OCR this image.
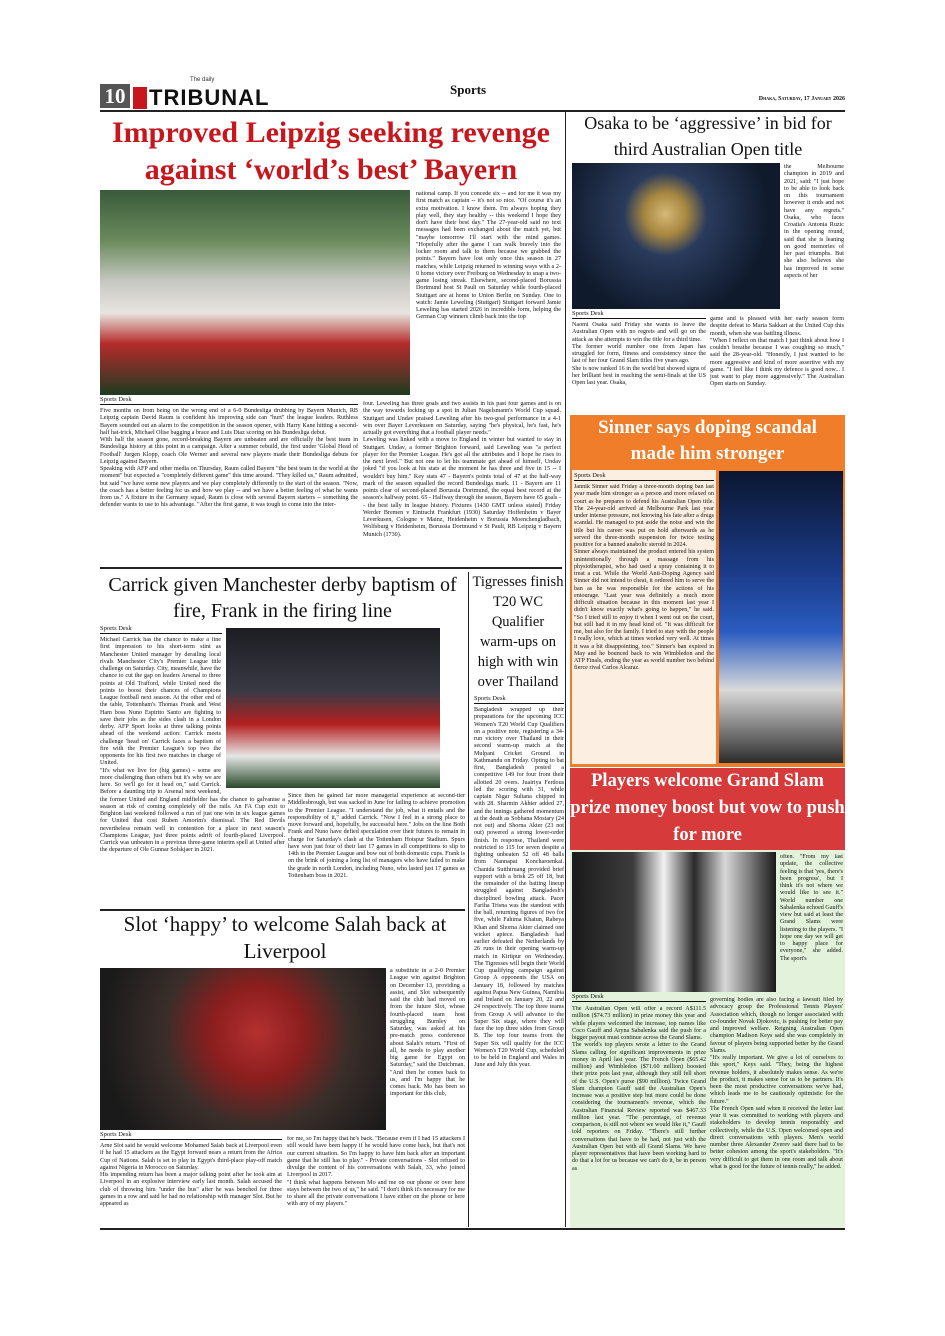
10
The daily
TRIBUNAL	Sports
Dhaka, Saturday, 17 January 2026
Improved Leipzig seeking revenge against ‘world’s best’ Bayern
national camp. If you concede six -- and for me it was my first match as captain -- it's not so nice. "Of course it's an extra motivation. I know them. I'm always hoping they play well, they stay healthy -- this weekend I hope they don't have their best day." The 27-year-old said no text messages had been exchanged about the match yet, but "maybe tomorrow I'll start with the mind games. "Hopefully after the game I can walk bravely into the locker room and talk to them because we grabbed the points." Bayern have lost only once this season in 27 matches, while Leipzig returned to winning ways with a 2-0 home victory over Freiburg on Wednesday to snap a two-game losing streak. Elsewhere, second-placed Borussia Dortmund host St Pauli on Saturday while fourth-placed Stuttgart are at home to Union Berlin on Sunday. One to watch: Jamie Leweling (Stuttgart) Stuttgart forward Jamie Leweling has started 2026 in incredible form, helping the German Cup winners climb back into the top
Sports Desk

Five months on from being on the wrong end of a 6-0 Bundesliga drubbing by Bayern Munich, RB Leipzig captain David Raum is confident his improving side can "hurt" the league leaders. Ruthless Bayern sounded out an alarm to the competition in the season opener, with Harry Kane hitting a second-half hat-trick, Michael Olise bagging a brace and Luis Diaz scoring on his Bundesliga debut.

With half the season gone, record-breaking Bayern are unbeaten and are officially the best team in Bundesliga history at this point in a campaign. After a summer rebuild, the first under 'Global Head of Football' Jurgen Klopp, coach Ole Werner and several new players made their Bundesliga debuts for Leipzig against Bayern.

Speaking with AFP and other media on Thursday, Raum called Bayern "the best team in the world at the moment" but expected a "completely different game" this time around. "They killed us," Raum admitted, but said "we have some new players and we play completely differently to the start of the season. "Now, the coach has a better feeling for us and how we play -- and we have a better feeling of what he wants from us." A fixture in the Germany squad, Raum is close with several Bayern starters -- something the defender wants to use to his advantage. "After the first game, it was tough to come into the inter-

four. Leweling has three goals and two assists in his past four games and is on the way towards locking up a spot in Julian Nagelsmann's World Cup squad. Stuttgart and Undav praised Leweling after his two-goal performance in a 4-1 win over Bayer Leverkusen on Saturday, saying "he's physical, he's fast, he's actually got everything that a football player needs."

Leweling was linked with a move to England in winter but wanted to stay in Stuttgart. Undav, a former Brighton forward, said Leweling was "a perfect player for the Premier League. He's got all the attributes and I hope he rises to the next level." But not one to let his teammate get ahead of himself, Undav joked "if you look at his stats at the moment he has three and five in 15 -- I wouldn't buy him." Key stats 47 - Bayern's points total of 47 at the half-way mark of the season equalled the record Bundesliga mark. 11 - Bayern are 11 points clear of second-placed Borussia Dortmund, the equal best record at the season's halfway point. 65 - Halfway through the season, Bayern have 65 goals -- the best tally in league history. Fixtures (1430 GMT unless stated) Friday Werder Bremen v Eintracht Frankfurt (1930) Saturday Hoffenheim v Bayer Leverkusen, Cologne v Mainz, Heidenheim v Borussia Moenchengladbach, Wolfsburg v Heidenheim, Borussia Dortmund v St Pauli, RB Leipzig v Bayern Munich (1730).

Osaka to be ‘aggressive’ in bid for third Australian Open title
the Melbourne champion in 2019 and 2021, said: "I just hope to be able to look back on this tournament however it ends and not have any regrets." Osaka, who faces Croatia's Antonia Ruzic in the opening round, said that she is leaning on good memories of her past triumphs. But she also believes she has improved in some aspects of her
Sports Desk

Naomi Osaka said Friday she wants to leave the Australian Open with no regrets and will go on the attack as she attempts to win the title for a third time.

The former world number one from Japan has struggled for form, fitness and consistency since the last of her four Grand Slam titles five years ago.

She is now ranked 16 in the world but showed signs of her brilliant best in reaching the semi-finals at the US Open last year. Osaka,

game and is pleased with her early season form despite defeat to Maria Sakkari at the United Cup this month, when she was battling illness.

"When I reflect on that match I just think about how I couldn't breathe because I was coughing so much," said the 28-year-old. "Honestly, I just wanted to be more aggressive and kind of more assertive with my game. "I feel like I think my defence is good now... I just want to play more aggressively." The Australian Open starts on Sunday.

Sinner says doping scandal made him stronger
Sports Desk

Jannik Sinner said Friday a three-month doping ban last year made him stronger as a person and more relaxed on court as he prepares to defend his Australian Open title. The 24-year-old arrived at Melbourne Park last year under intense pressure, not knowing his fate after a drugs scandal. He managed to put aside the noise and win the title but his career was put on hold afterwards as he served the three-month suspension for twice testing positive for a banned anabolic steroid in 2024.

Sinner always maintained the product entered his system unintentionally through a massage from his physiotherapist, who had used a spray containing it to treat a cut. While the World Anti-Doping Agency said Sinner did not intend to cheat, it ordered him to serve the ban as he was responsible for the actions of his entourage. "Last year was definitely a much more difficult situation because in this moment last year I didn't know exactly what's going to happen," he said. "So I tried still to enjoy it when I went out on the court, but still had it in my head kind of. "It was difficult for me, but also for the family. I tried to stay with the people I really love, which at times worked very well. At times it was a bit disappointing, too." Sinner's ban expired in May and he bounced back to win Wimbledon and the ATP Finals, ending the year as world number two behind fierce rival Carlos Alcaraz.

Carrick given Manchester derby baptism of fire, Frank in the firing line
Sports Desk

Michael Carrick has the chance to make a fine first impression to his short-term stint as Manchester United manager by derailing local rivals Manchester City's Premier League title challenge on Saturday. City, meanwhile, have the chance to cut the gap on leaders Arsenal to three points at Old Trafford, while United need the points to boost their chances of Champions League football next season. At the other end of the table, Tottenham's Thomas Frank and West Ham boss Nuno Espirito Santo are fighting to save their jobs as the sides clash in a London derby. AFP Sport looks at three talking points ahead of the weekend action: Carrick meets challenge 'head on' Carrick faces a baptism of fire with the Premier League's top two the opponents for his first two matches in charge of United.

"It's what we live for (big games) - some are more challenging than others but it's why we are here. So we'll go for it head on," said Carrick. Before a daunting trip to Arsenal next weekend, the former United and England midfielder has the chance to galvanise a season at risk of coming completely off the rails. An FA Cup exit to Brighton last weekend followed a run of just one win in six league games for United that cost Ruben Amorim's dismissal. The Red Devils nevertheless remain well in contention for a place in next season's Champions League, just three points adrift of fourth-placed Liverpool. Carrick was unbeaten in a previous three-game interim spell at United after the departure of Ole Gunnar Solskjaer in 2021.

Since then he gained far more managerial experience at second-tier Middlesbrough, but was sacked in June for failing to achieve promotion to the Premier League. "I understand the job, what it entails and the responsibility of it," added Carrick. "Now I feel in a strong place to move forward and, hopefully, be successful here." Jobs on the line Both Frank and Nuno have defied speculation over their futures to remain in charge for Saturday's clash at the Tottenham Hotspur Stadium. Spurs have won just four of their last 17 games in all competitions to slip to 14th in the Premier League and bow out of both domestic cups. Frank is on the brink of joining a long list of managers who have failed to make the grade in north London, including Nuno, who lasted just 17 games as Tottenham boss in 2021.
Tigresses finish T20 WC Qualifier warm-ups on high with win over Thailand
Sports Desk
Bangladesh wrapped up their preparations for the upcoming ICC Women's T20 World Cup Qualifiers on a positive note, registering a 34-run victory over Thailand in their second warm-up match at the Mulpani Cricket Ground in Kathmandu on Friday. Opting to bat first, Bangladesh posted a competitive 149 for four from their allotted 20 overs. Juairiya Ferdous led the scoring with 31, while captain Nigar Sultana chipped in with 28. Sharmin Akhter added 27, and the innings gathered momentum at the death as Sobhana Mostary (24 not out) and Shorna Akter (23 not out) powered a strong lower-order finish. In response, Thailand were restricted to 115 for seven despite a fighting unbeaten 52 off 48 balls from Nannapat Koncharoenkai. Chanida Sutthiruang provided brief support with a brisk 25 off 18, but the remainder of the batting lineup struggled against Bangladesh's disciplined bowling attack. Pacer Fariha Trisna was the standout with the ball, returning figures of two for five, while Fahima Khatun, Rabeya Khan and Shorna Akter claimed one wicket apiece. Bangladesh had earlier defeated the Netherlands by 26 runs in their opening warm-up match in Kirtipur on Wednesday. The Tigresses will begin their World Cup qualifying campaign against Group A opponents the USA on January 18, followed by matches against Papua New Guinea, Namibia and Ireland on January 20, 22 and 24 respectively. The top three teams from Group A will advance to the Super Six stage, where they will face the top three sides from Group B. The top four teams from the Super Six will qualify for the ICC Women's T20 World Cup, scheduled to be held in England and Wales in June and July this year.
Slot ‘happy’ to welcome Salah back at Liverpool
a substitute in a 2-0 Premier League win against Brighton on December 13, providing a assist, and Slot subsequently said the club had moved on from the future Slot, whose fourth-placed team host struggling Burnley on Saturday, was asked at his pre-match press conference about Salah's return. "First of all, he needs to play another big game for Egypt on Saturday," said the Dutchman. "And then he comes back to us, and I'm happy that he comes back. Mo has been so important for this club,
Sports Desk

Arne Slot said he would welcome Mohamed Salah back at Liverpool even if he had 15 attackers as the Egypt forward nears a return from the Africa Cup of Nations. Salah is set to play in Egypt's third-place play-off match against Nigeria in Morocco on Saturday.

His impending return has been a major talking point after he took aim at Liverpool in an explosive interview early last month. Salah accused the club of throwing him "under the bus" after he was benched for three games in a row and said he had no relationship with manager Slot. But he appeared as

for me, so I'm happy that he's back. "Because even if I had 15 attackers I still would have been happy if he would have come back, but that's not our current situation. So I'm happy to have him back after an important game that he still has to play." - Private conversations - Slot refused to divulge the content of his conversations with Salah, 33, who joined Liverpool in 2017.

"I think what happens between Mo and me on our phone or over here stays between the two of us," he said. "I don't think it's necessary for me to share all the private conversations I have either on the phone or here with any of my players."

Players welcome Grand Slam prize money boost but vow to push for more
often. "From my last update, the collective feeling is that 'yes, there's been progress', but I think it's not where we would like to see it." World number one Sabalenka echoed Gauff's view but said at least the Grand Slams were listening to the players. "I hope one day we will get to happy place for everyone," she added. The sport's
Sports Desk

The Australian Open will offer a record A$111.5 million ($74.73 million) in prize money this year and while players welcomed the increase, top names like Coco Gauff and Aryna Sabalenka said the push for a bigger payout must continue across the Grand Slams.

The world's top players wrote a letter to the Grand Slams calling for significant improvements in prize money in April last year. The French Open ($65.42 million) and Wimbledon ($71.60 million) boosted their prize pots last year, although they still fell short of the U.S. Open's purse ($90 million). Twice Grand Slam champion Gauff said the Australian Open's increase was a positive step but more could be done considering the tournament's revenue, which the Australian Financial Review reported was $467.33 million last year. "The percentage, of revenue comparison, is still not where we would like it," Gauff told reporters on Friday. "There's still further conversations that have to be had, not just with the Australian Open but with all Grand Slams. We have player representatives that have been working hard to do that a lot for us because we can't do it, be in person as

governing bodies are also facing a lawsuit filed by advocacy group the Professional Tennis Players' Association which, though no longer associated with co-founder Novak Djokovic, is pushing for better pay and improved welfare. Reigning Australian Open champion Madison Keys said she was completely in favour of players being supported better by the Grand Slams.

"It's really important. We give a lot of ourselves to this sport," Keys said. "They, being the highest revenue holders, it absolutely makes sense. As we're the product, it makes sense for us to be partners. It's been the most productive conversations we've had, which leads me to be cautiously optimistic for the future."

The French Open said when it received the letter last year it was committed to working with players and stakeholders to develop tennis responsibly and collectively, while the U.S. Open welcomed open and direct conversations with players. Men's world number three Alexander Zverev said there had to be better cohesion among the sport's stakeholders. "It's very difficult to get them in one room and talk about what is good for the future of tennis really," he added.
